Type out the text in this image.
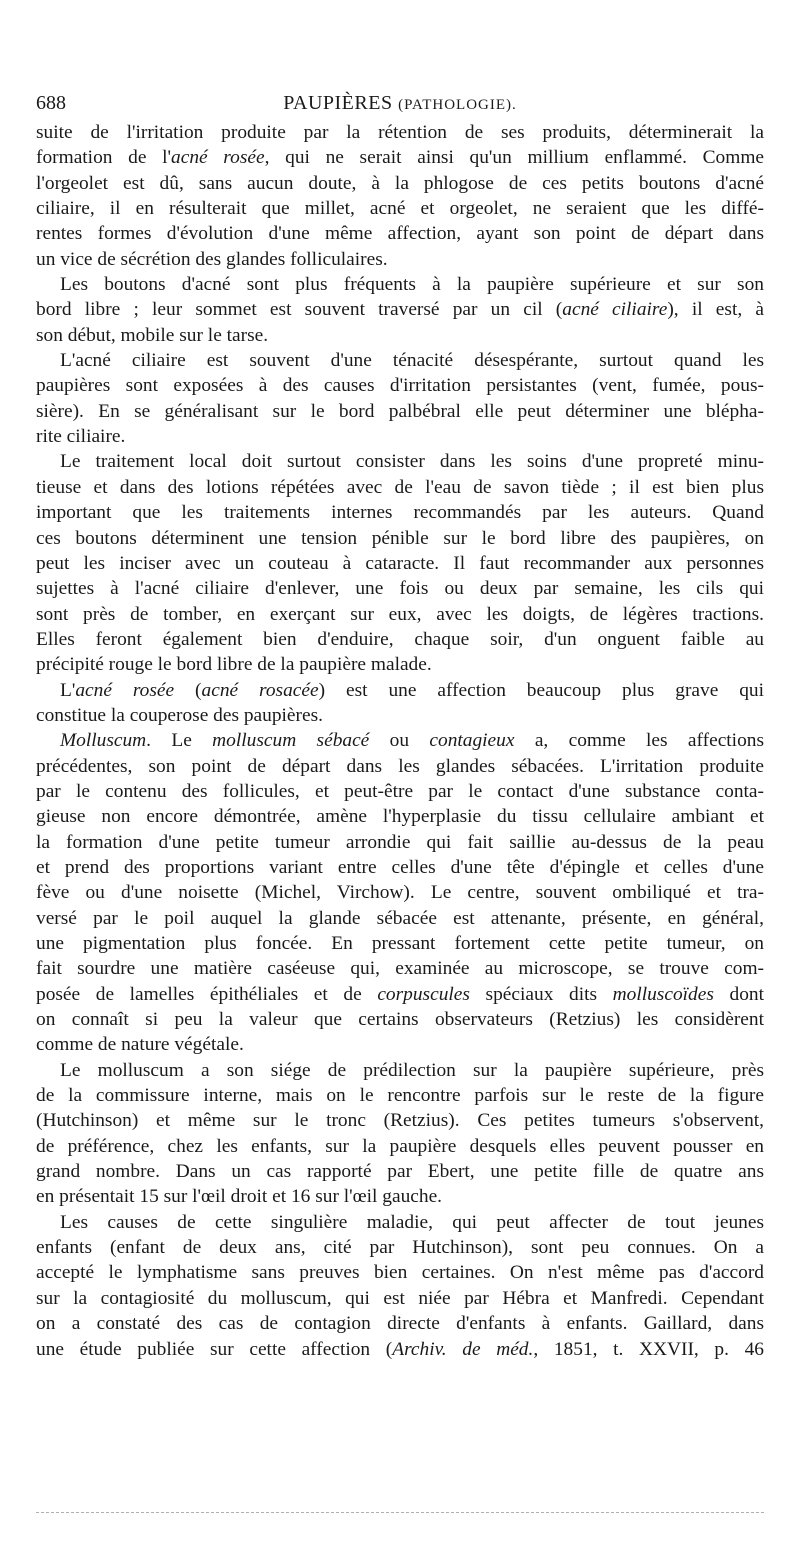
688	PAUPIÈRES (PATHOLOGIE).
suite de l'irritation produite par la rétention de ses produits, déterminerait la
formation de l'acné rosée, qui ne serait ainsi qu'un millium enflammé. Comme
l'orgeolet est dû, sans aucun doute, à la phlogose de ces petits boutons d'acné
ciliaire, il en résulterait que millet, acné et orgeolet, ne seraient que les diffé-
rentes formes d'évolution d'une même affection, ayant son point de départ dans
un vice de sécrétion des glandes folliculaires.
Les boutons d'acné sont plus fréquents à la paupière supérieure et sur son
bord libre ; leur sommet est souvent traversé par un cil (acné ciliaire), il est, à
son début, mobile sur le tarse.
L'acné ciliaire est souvent d'une ténacité désespérante, surtout quand les
paupières sont exposées à des causes d'irritation persistantes (vent, fumée, pous-
sière). En se généralisant sur le bord palbébral elle peut déterminer une blépha-
rite ciliaire.
Le traitement local doit surtout consister dans les soins d'une propreté minu-
tieuse et dans des lotions répétées avec de l'eau de savon tiède ; il est bien plus
important que les traitements internes recommandés par les auteurs. Quand
ces boutons déterminent une tension pénible sur le bord libre des paupières, on
peut les inciser avec un couteau à cataracte. Il faut recommander aux personnes
sujettes à l'acné ciliaire d'enlever, une fois ou deux par semaine, les cils qui
sont près de tomber, en exerçant sur eux, avec les doigts, de légères tractions.
Elles feront également bien d'enduire, chaque soir, d'un onguent faible au
précipité rouge le bord libre de la paupière malade.
L'acné rosée (acné rosacée) est une affection beaucoup plus grave qui
constitue la couperose des paupières.
Molluscum. Le molluscum sébacé ou contagieux a, comme les affections
précédentes, son point de départ dans les glandes sébacées. L'irritation produite
par le contenu des follicules, et peut-être par le contact d'une substance conta-
gieuse non encore démontrée, amène l'hyperplasie du tissu cellulaire ambiant et
la formation d'une petite tumeur arrondie qui fait saillie au-dessus de la peau
et prend des proportions variant entre celles d'une tête d'épingle et celles d'une
fève ou d'une noisette (Michel, Virchow). Le centre, souvent ombiliqué et tra-
versé par le poil auquel la glande sébacée est attenante, présente, en général,
une pigmentation plus foncée. En pressant fortement cette petite tumeur, on
fait sourdre une matière caséeuse qui, examinée au microscope, se trouve com-
posée de lamelles épithéliales et de corpuscules spéciaux dits molluscoïdes dont
on connaît si peu la valeur que certains observateurs (Retzius) les considèrent
comme de nature végétale.
Le molluscum a son siége de prédilection sur la paupière supérieure, près
de la commissure interne, mais on le rencontre parfois sur le reste de la figure
(Hutchinson) et même sur le tronc (Retzius). Ces petites tumeurs s'observent,
de préférence, chez les enfants, sur la paupière desquels elles peuvent pousser en
grand nombre. Dans un cas rapporté par Ebert, une petite fille de quatre ans
en présentait 15 sur l'œil droit et 16 sur l'œil gauche.
Les causes de cette singulière maladie, qui peut affecter de tout jeunes
enfants (enfant de deux ans, cité par Hutchinson), sont peu connues. On a
accepté le lymphatisme sans preuves bien certaines. On n'est même pas d'accord
sur la contagiosité du molluscum, qui est niée par Hébra et Manfredi. Cependant
on a constaté des cas de contagion directe d'enfants à enfants. Gaillard, dans
une étude publiée sur cette affection (Archiv. de méd., 1851, t. XXVII, p. 46
